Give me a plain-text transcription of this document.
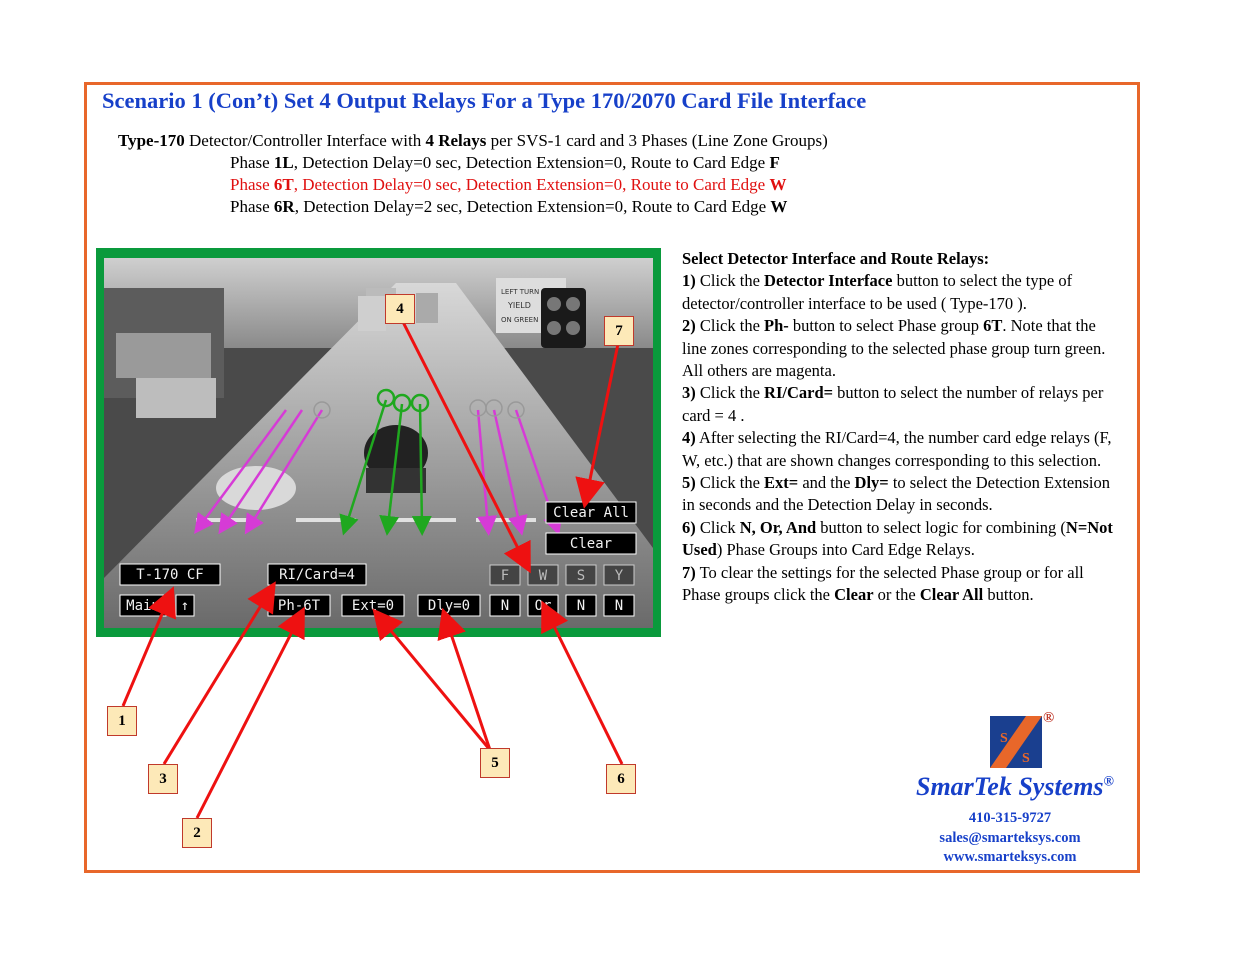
Scenario 1 (Con’t) Set 4 Output Relays For a Type 170/2070 Card File Interface
Type-170 Detector/Controller Interface with 4 Relays per SVS-1 card and 3 Phases (Line Zone Groups)
Phase 1L, Detection Delay=0 sec, Detection Extension=0, Route to Card Edge F
Phase 6T, Detection Delay=0 sec, Detection Extension=0, Route to Card Edge W
Phase 6R, Detection Delay=2 sec, Detection Extension=0, Route to Card Edge W
LEFT TURN
YIELD
ON GREEN
Clear All
Clear
T-170 CF	RI/Card=4	F W S Y
Main ↑	Ph-6T Ext=0 Dly=0 N Or N N

Select Detector Interface and Route Relays:

1) Click the Detector Interface button to select the type of detector/controller interface to be used ( Type-170 ).

2) Click the Ph- button to select Phase group 6T. Note that the line zones corresponding to the selected phase group turn green. All others are magenta.

3) Click the RI/Card= button to select the number of relays per card = 4 .

4) After selecting the RI/Card=4, the number card edge relays (F, W, etc.) that are shown changes corresponding to this selection.

5) Click the Ext= and the Dly= to select the Detection Extension in seconds and the Detection Delay in seconds.

6) Click N, Or, And button to select logic for combining (N=Not Used) Phase Groups into Card Edge Relays.

7) To clear the settings for the selected Phase group or for all Phase groups click the Clear or the Clear All button.

1
2
3
4
5
6
7
S
S
®
SmarTek Systems®
410-315-9727
sales@smarteksys.com
www.smarteksys.com
